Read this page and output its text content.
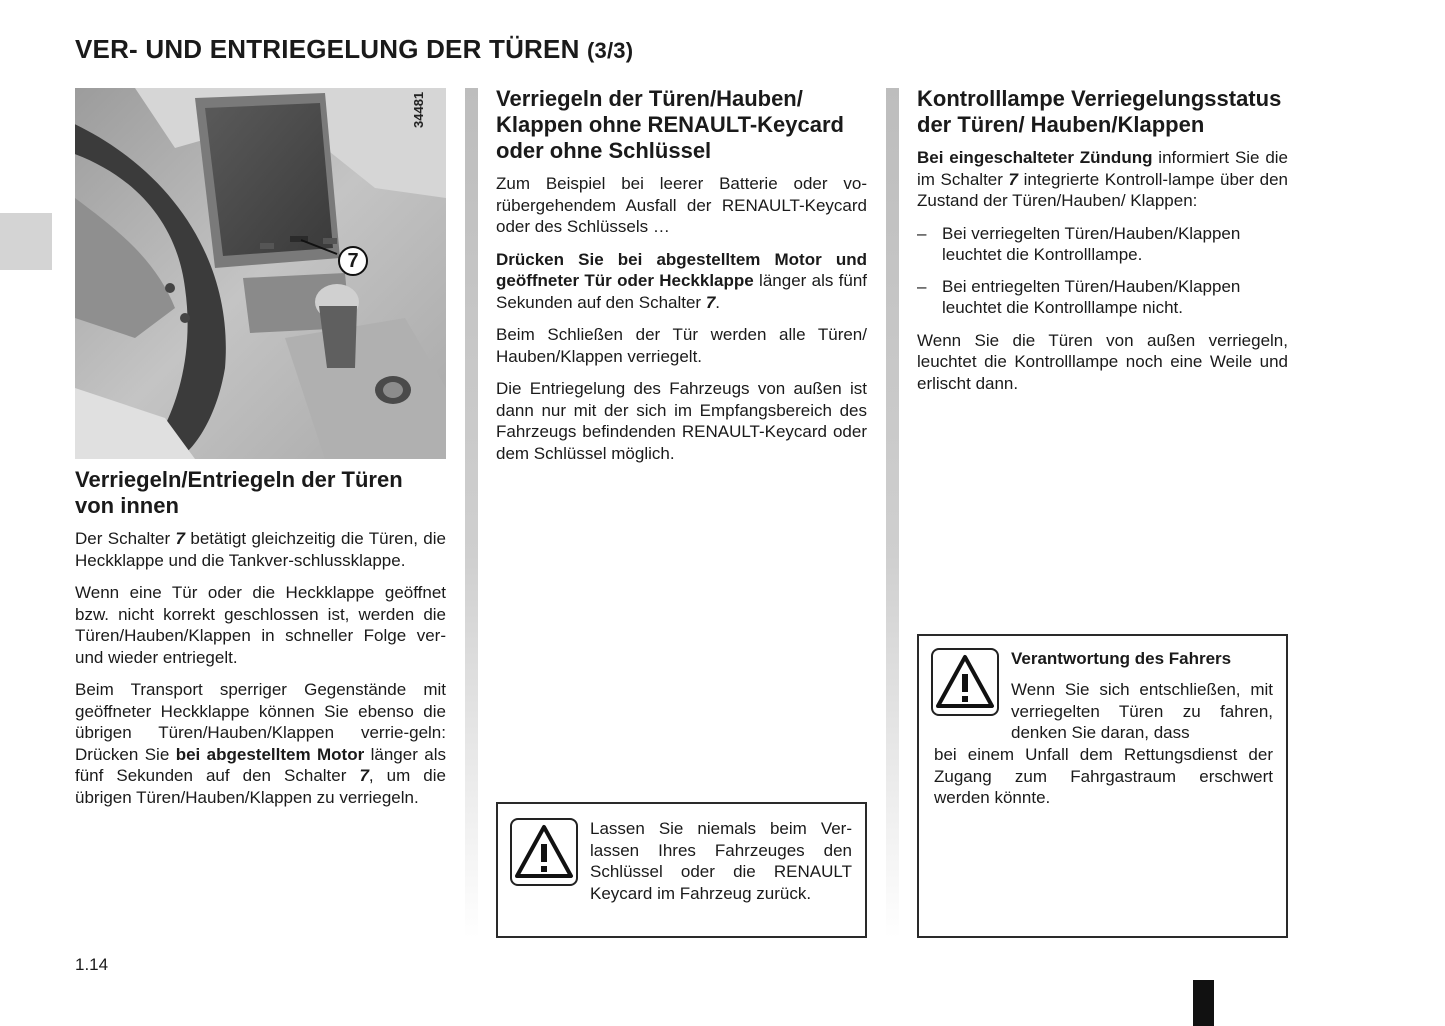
VER- UND ENTRIEGELUNG DER TÜREN (3/3)
7
34481
Verriegeln/Entriegeln der Türen von innen

Der Schalter 7 betätigt gleichzeitig die Türen, die Heckklappe und die Tankver-schlussklappe.

Wenn eine Tür oder die Heckklappe geöffnet bzw. nicht korrekt geschlossen ist, werden die Türen/Hauben/Klappen in schneller Folge ver- und wieder entriegelt.

Beim Transport sperriger Gegenstände mit geöffneter Heckklappe können Sie ebenso die übrigen Türen/Hauben/Klappen verrie-geln: Drücken Sie bei abgestelltem Motor länger als fünf Sekunden auf den Schalter 7, um die übrigen Türen/Hauben/Klappen zu verriegeln.

Verriegeln der Türen/Hauben/ Klappen ohne RENAULT-Keycard oder ohne Schlüssel

Zum Beispiel bei leerer Batterie oder vo-rübergehendem Ausfall der RENAULT-Keycard oder des Schlüssels …

Drücken Sie bei abgestelltem Motor und geöffneter Tür oder Heckklappe länger als fünf Sekunden auf den Schalter 7.

Beim Schließen der Tür werden alle Türen/ Hauben/Klappen verriegelt.

Die Entriegelung des Fahrzeugs von außen ist dann nur mit der sich im Empfangsbereich des Fahrzeugs befindenden RENAULT-Keycard oder dem Schlüssel möglich.

Lassen Sie niemals beim Ver-lassen Ihres Fahrzeuges den Schlüssel oder die RENAULT Keycard im Fahrzeug zurück.

Kontrolllampe Verriegelungsstatus der Türen/ Hauben/Klappen

Bei eingeschalteter Zündung informiert Sie die im Schalter 7 integrierte Kontroll-lampe über den Zustand der Türen/Hauben/ Klappen:

– Bei verriegelten Türen/Hauben/Klappen leuchtet die Kontrolllampe.
– Bei entriegelten Türen/Hauben/Klappen leuchtet die Kontrolllampe nicht.

Wenn Sie die Türen von außen verriegeln, leuchtet die Kontrolllampe noch eine Weile und erlischt dann.

Verantwortung des Fahrers

Wenn Sie sich entschließen, mit verriegelten Türen zu fahren, denken Sie daran, dass

bei einem Unfall dem Rettungsdienst der Zugang zum Fahrgastraum erschwert werden könnte.

1.14
